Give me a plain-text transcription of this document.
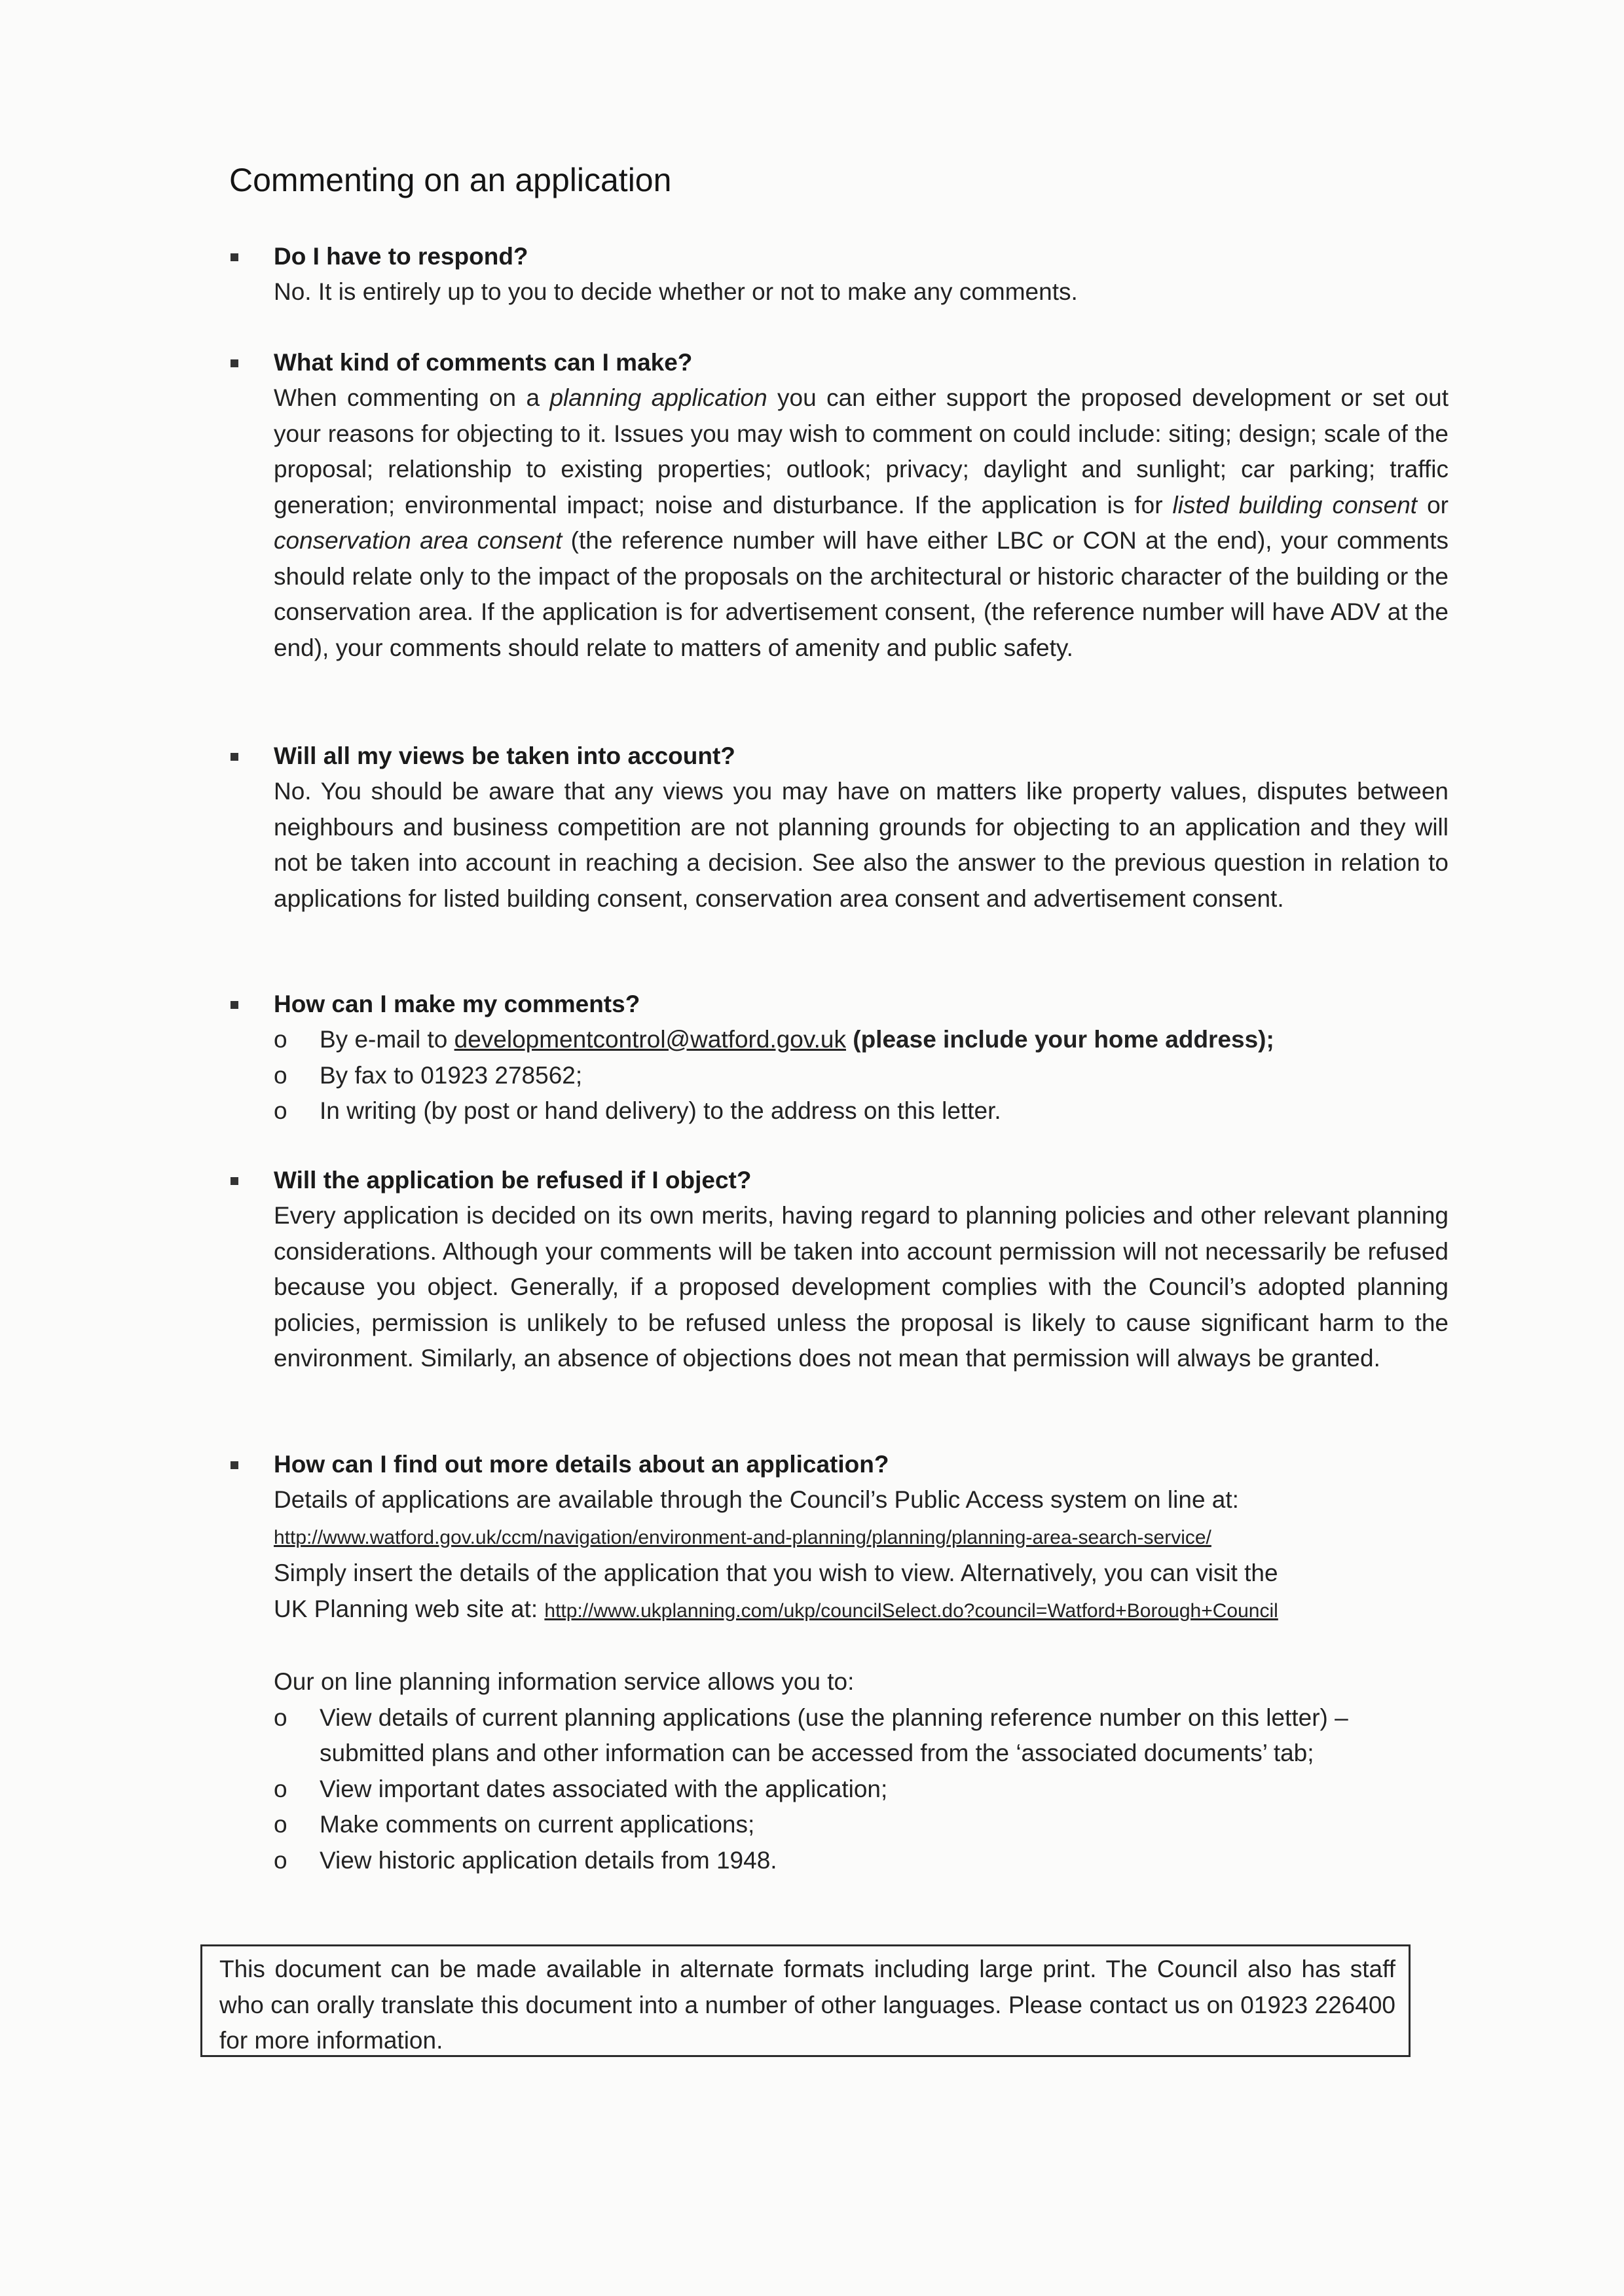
Commenting on an application

Do I have to respond?

No. It is entirely up to you to decide whether or not to make any comments.

What kind of comments can I make?

When commenting on a planning application you can either support the proposed development or set out your reasons for objecting to it. Issues you may wish to comment on could include: siting; design; scale of the proposal; relationship to existing properties; outlook; privacy; daylight and sunlight; car parking; traffic generation; environmental impact; noise and disturbance. If the application is for listed building consent or conservation area consent (the reference number will have either LBC or CON at the end), your comments should relate only to the impact of the proposals on the architectural or historic character of the building or the conservation area. If the application is for advertisement consent, (the reference number will have ADV at the end), your comments should relate to matters of amenity and public safety.

Will all my views be taken into account?

No. You should be aware that any views you may have on matters like property values, disputes between neighbours and business competition are not planning grounds for objecting to an application and they will not be taken into account in reaching a decision. See also the answer to the previous question in relation to applications for listed building consent, conservation area consent and advertisement consent.

How can I make my comments?

o By e-mail to developmentcontrol@watford.gov.uk (please include your home address);
o By fax to 01923 278562;
o In writing (by post or hand delivery) to the address on this letter.

Will the application be refused if I object?

Every application is decided on its own merits, having regard to planning policies and other relevant planning considerations. Although your comments will be taken into account permission will not necessarily be refused because you object. Generally, if a proposed development complies with the Council’s adopted planning policies, permission is unlikely to be refused unless the proposal is likely to cause significant harm to the environment. Similarly, an absence of objections does not mean that permission will always be granted.

How can I find out more details about an application?

Details of applications are available through the Council’s Public Access system on line at:
http://www.watford.gov.uk/ccm/navigation/environment-and-planning/planning/planning-area-search-service/
Simply insert the details of the application that you wish to view. Alternatively, you can visit the
UK Planning web site at: http://www.ukplanning.com/ukp/councilSelect.do?council=Watford+Borough+Council

Our on line planning information service allows you to:

o View details of current planning applications (use the planning reference number on this letter) – submitted plans and other information can be accessed from the ‘associated documents’ tab;
o View important dates associated with the application;
o Make comments on current applications;
o View historic application details from 1948.
This document can be made available in alternate formats including large print. The Council also has staff who can orally translate this document into a number of other languages. Please contact us on 01923 226400 for more information.
